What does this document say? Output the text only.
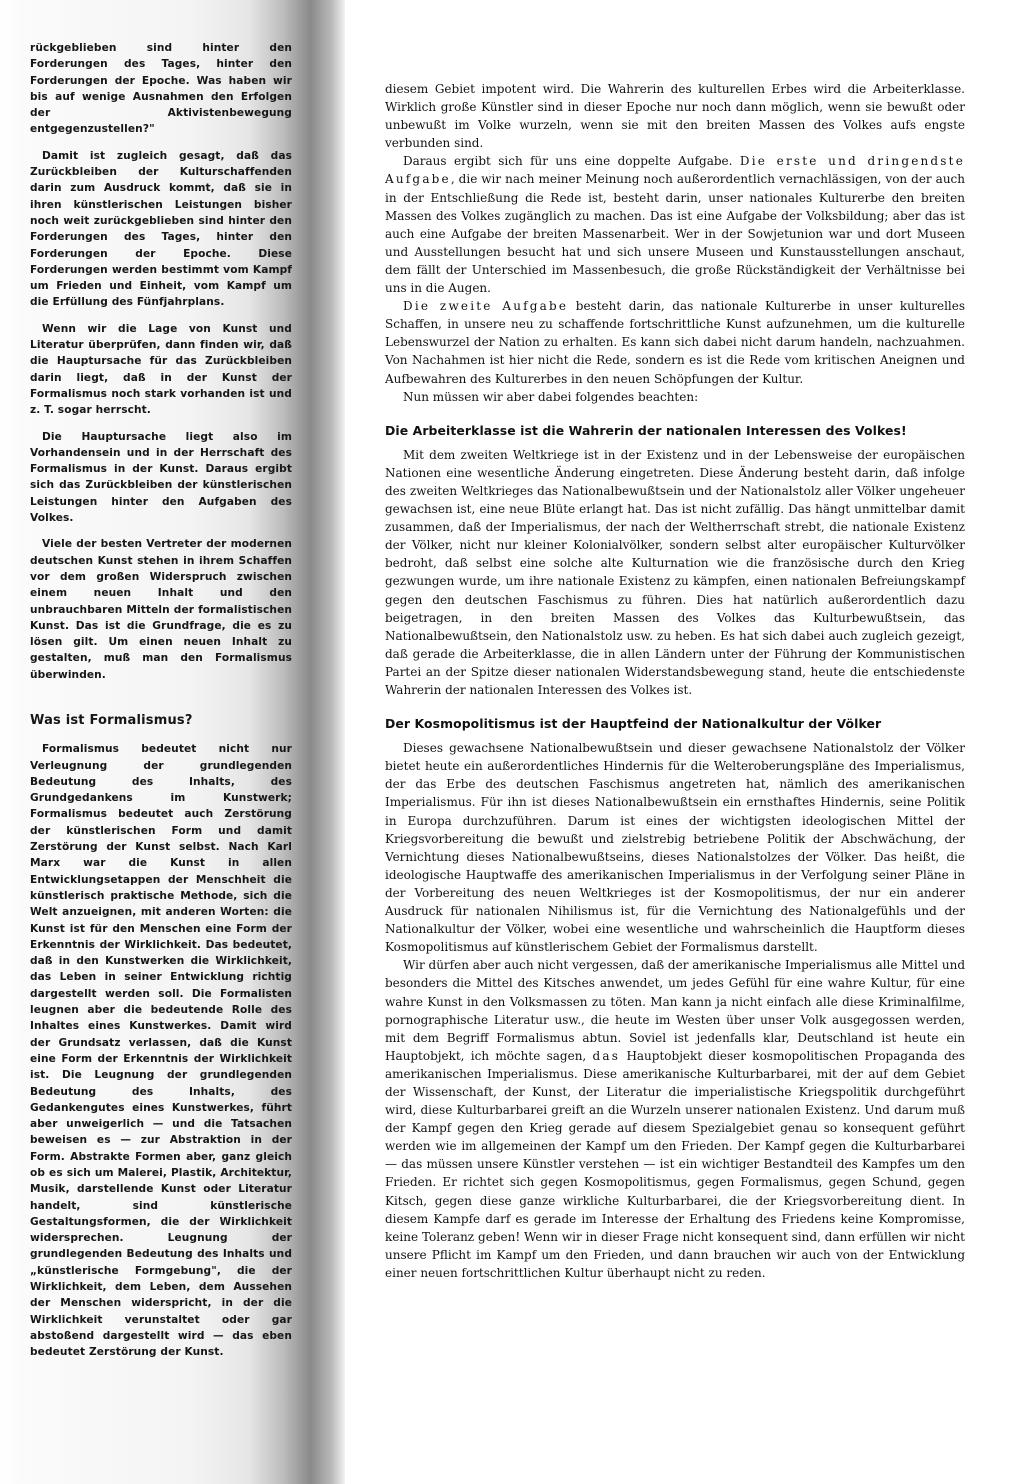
rückgeblieben sind hinter den Forderungen des Tages, hinter den Forderungen der Epoche. Was haben wir bis auf wenige Ausnahmen den Erfolgen der Aktivistenbewegung entgegenzustellen?"

Damit ist zugleich gesagt, daß das Zurückbleiben der Kulturschaffenden darin zum Ausdruck kommt, daß sie in ihren künstlerischen Leistungen bisher noch weit zurückgeblieben sind hinter den Forderungen des Tages, hinter den Forderungen der Epoche. Diese Forderungen werden bestimmt vom Kampf um Frieden und Einheit, vom Kampf um die Erfüllung des Fünfjahrplans.

Wenn wir die Lage von Kunst und Literatur überprüfen, dann finden wir, daß die Hauptursache für das Zurückbleiben darin liegt, daß in der Kunst der Formalismus noch stark vorhanden ist und z. T. sogar herrscht.

Die Hauptursache liegt also im Vorhandensein und in der Herrschaft des Formalismus in der Kunst. Daraus ergibt sich das Zurückbleiben der künstlerischen Leistungen hinter den Aufgaben des Volkes.

Viele der besten Vertreter der modernen deutschen Kunst stehen in ihrem Schaffen vor dem großen Widerspruch zwischen einem neuen Inhalt und den unbrauchbaren Mitteln der formalistischen Kunst. Das ist die Grundfrage, die es zu lösen gilt. Um einen neuen Inhalt zu gestalten, muß man den Formalismus überwinden.

Was ist Formalismus?

Formalismus bedeutet nicht nur Verleugnung der grundlegenden Bedeutung des Inhalts, des Grundgedankens im Kunstwerk; Formalismus bedeutet auch Zerstörung der künstlerischen Form und damit Zerstörung der Kunst selbst. Nach Karl Marx war die Kunst in allen Entwicklungsetappen der Menschheit die künstlerisch praktische Methode, sich die Welt anzueignen, mit anderen Worten: die Kunst ist für den Menschen eine Form der Erkenntnis der Wirklichkeit. Das bedeutet, daß in den Kunstwerken die Wirklichkeit, das Leben in seiner Entwicklung richtig dargestellt werden soll. Die Formalisten leugnen aber die bedeutende Rolle des Inhaltes eines Kunstwerkes. Damit wird der Grundsatz verlassen, daß die Kunst eine Form der Erkenntnis der Wirklichkeit ist. Die Leugnung der grundlegenden Bedeutung des Inhalts, des Gedankengutes eines Kunstwerkes, führt aber unweigerlich — und die Tatsachen beweisen es — zur Abstraktion in der Form. Abstrakte Formen aber, ganz gleich ob es sich um Malerei, Plastik, Architektur, Musik, darstellende Kunst oder Literatur handelt, sind künstlerische Gestaltungsformen, die der Wirklichkeit widersprechen. Leugnung der grundlegenden Bedeutung des Inhalts und „künstlerische Formgebung", die der Wirklichkeit, dem Leben, dem Aussehen der Menschen widerspricht, in der die Wirklichkeit verunstaltet oder gar abstoßend dargestellt wird — das eben bedeutet Zerstörung der Kunst.

diesem Gebiet impotent wird. Die Wahrerin des kulturellen Erbes wird die Arbeiterklasse. Wirklich große Künstler sind in dieser Epoche nur noch dann möglich, wenn sie bewußt oder unbewußt im Volke wurzeln, wenn sie mit den breiten Massen des Volkes aufs engste verbunden sind.

Daraus ergibt sich für uns eine doppelte Aufgabe. Die erste und dringendste Aufgabe, die wir nach meiner Meinung noch außerordentlich vernachlässigen, von der auch in der Entschließung die Rede ist, besteht darin, unser nationales Kulturerbe den breiten Massen des Volkes zugänglich zu machen. Das ist eine Aufgabe der Volksbildung; aber das ist auch eine Aufgabe der breiten Massenarbeit. Wer in der Sowjetunion war und dort Museen und Ausstellungen besucht hat und sich unsere Museen und Kunstausstellungen anschaut, dem fällt der Unterschied im Massenbesuch, die große Rückständigkeit der Verhältnisse bei uns in die Augen.

Die zweite Aufgabe besteht darin, das nationale Kulturerbe in unser kulturelles Schaffen, in unsere neu zu schaffende fortschrittliche Kunst aufzunehmen, um die kulturelle Lebenswurzel der Nation zu erhalten. Es kann sich dabei nicht darum handeln, nachzuahmen. Von Nachahmen ist hier nicht die Rede, sondern es ist die Rede vom kritischen Aneignen und Aufbewahren des Kulturerbes in den neuen Schöpfungen der Kultur.

Nun müssen wir aber dabei folgendes beachten:

Die Arbeiterklasse ist die Wahrerin der nationalen Interessen des Volkes!

Mit dem zweiten Weltkriege ist in der Existenz und in der Lebensweise der europäischen Nationen eine wesentliche Änderung eingetreten. Diese Änderung besteht darin, daß infolge des zweiten Weltkrieges das Nationalbewußtsein und der Nationalstolz aller Völker ungeheuer gewachsen ist, eine neue Blüte erlangt hat. Das ist nicht zufällig. Das hängt unmittelbar damit zusammen, daß der Imperialismus, der nach der Weltherrschaft strebt, die nationale Existenz der Völker, nicht nur kleiner Kolonialvölker, sondern selbst alter europäischer Kulturvölker bedroht, daß selbst eine solche alte Kulturnation wie die französische durch den Krieg gezwungen wurde, um ihre nationale Existenz zu kämpfen, einen nationalen Befreiungskampf gegen den deutschen Faschismus zu führen. Dies hat natürlich außerordentlich dazu beigetragen, in den breiten Massen des Volkes das Kulturbewußtsein, das Nationalbewußtsein, den Nationalstolz usw. zu heben. Es hat sich dabei auch zugleich gezeigt, daß gerade die Arbeiterklasse, die in allen Ländern unter der Führung der Kommunistischen Partei an der Spitze dieser nationalen Widerstandsbewegung stand, heute die entschiedenste Wahrerin der nationalen Interessen des Volkes ist.

Der Kosmopolitismus ist der Hauptfeind der Nationalkultur der Völker

Dieses gewachsene Nationalbewußtsein und dieser gewachsene Nationalstolz der Völker bietet heute ein außerordentliches Hindernis für die Welteroberungspläne des Imperialismus, der das Erbe des deutschen Faschismus angetreten hat, nämlich des amerikanischen Imperialismus. Für ihn ist dieses Nationalbewußtsein ein ernsthaftes Hindernis, seine Politik in Europa durchzuführen. Darum ist eines der wichtigsten ideologischen Mittel der Kriegsvorbereitung die bewußt und zielstrebig betriebene Politik der Abschwächung, der Vernichtung dieses Nationalbewußtseins, dieses Nationalstolzes der Völker. Das heißt, die ideologische Hauptwaffe des amerikanischen Imperialismus in der Verfolgung seiner Pläne in der Vorbereitung des neuen Weltkrieges ist der Kosmopolitismus, der nur ein anderer Ausdruck für nationalen Nihilismus ist, für die Vernichtung des Nationalgefühls und der Nationalkultur der Völker, wobei eine wesentliche und wahrscheinlich die Hauptform dieses Kosmopolitismus auf künstlerischem Gebiet der Formalismus darstellt.

Wir dürfen aber auch nicht vergessen, daß der amerikanische Imperialismus alle Mittel und besonders die Mittel des Kitsches anwendet, um jedes Gefühl für eine wahre Kultur, für eine wahre Kunst in den Volksmassen zu töten. Man kann ja nicht einfach alle diese Kriminalfilme, pornographische Literatur usw., die heute im Westen über unser Volk ausgegossen werden, mit dem Begriff Formalismus abtun. Soviel ist jedenfalls klar, Deutschland ist heute ein Hauptobjekt, ich möchte sagen, das Hauptobjekt dieser kosmopolitischen Propaganda des amerikanischen Imperialismus. Diese amerikanische Kulturbarbarei, mit der auf dem Gebiet der Wissenschaft, der Kunst, der Literatur die imperialistische Kriegspolitik durchgeführt wird, diese Kulturbarbarei greift an die Wurzeln unserer nationalen Existenz. Und darum muß der Kampf gegen den Krieg gerade auf diesem Spezialgebiet genau so konsequent geführt werden wie im allgemeinen der Kampf um den Frieden. Der Kampf gegen die Kulturbarbarei — das müssen unsere Künstler verstehen — ist ein wichtiger Bestandteil des Kampfes um den Frieden. Er richtet sich gegen Kosmopolitismus, gegen Formalismus, gegen Schund, gegen Kitsch, gegen diese ganze wirkliche Kulturbarbarei, die der Kriegsvorbereitung dient. In diesem Kampfe darf es gerade im Interesse der Erhaltung des Friedens keine Kompromisse, keine Toleranz geben! Wenn wir in dieser Frage nicht konsequent sind, dann erfüllen wir nicht unsere Pflicht im Kampf um den Frieden, und dann brauchen wir auch von der Entwicklung einer neuen fortschrittlichen Kultur überhaupt nicht zu reden.
